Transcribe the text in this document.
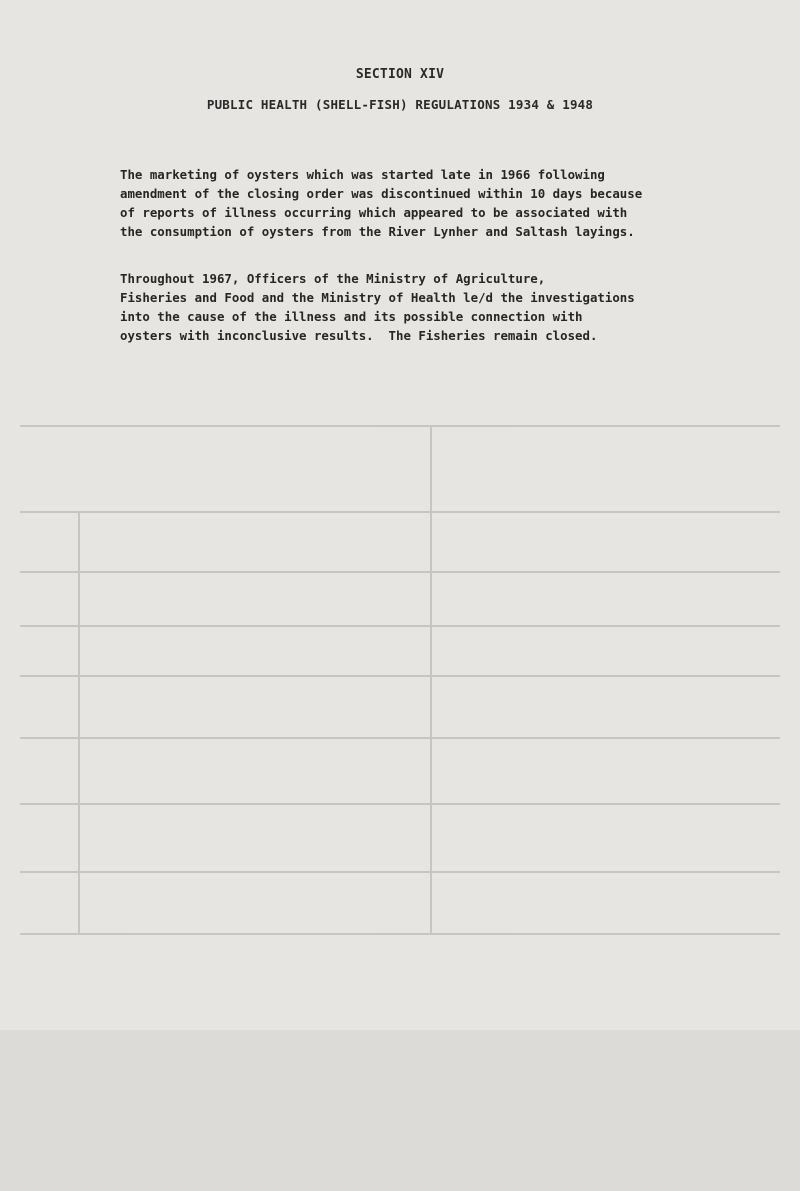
SECTION XIV
PUBLIC HEALTH (SHELL-FISH) REGULATIONS 1934 & 1948

The marketing of oysters which was started late in 1966 following
amendment of the closing order was discontinued within 10 days because
of reports of illness occurring which appeared to be associated with
the consumption of oysters from the River Lynher and Saltash layings.

Throughout 1967, Officers of the Ministry of Agriculture,
Fisheries and Food and the Ministry of Health le/d the investigations
into the cause of the illness and its possible connection with
oysters with inconclusive results.  The Fisheries remain closed.
